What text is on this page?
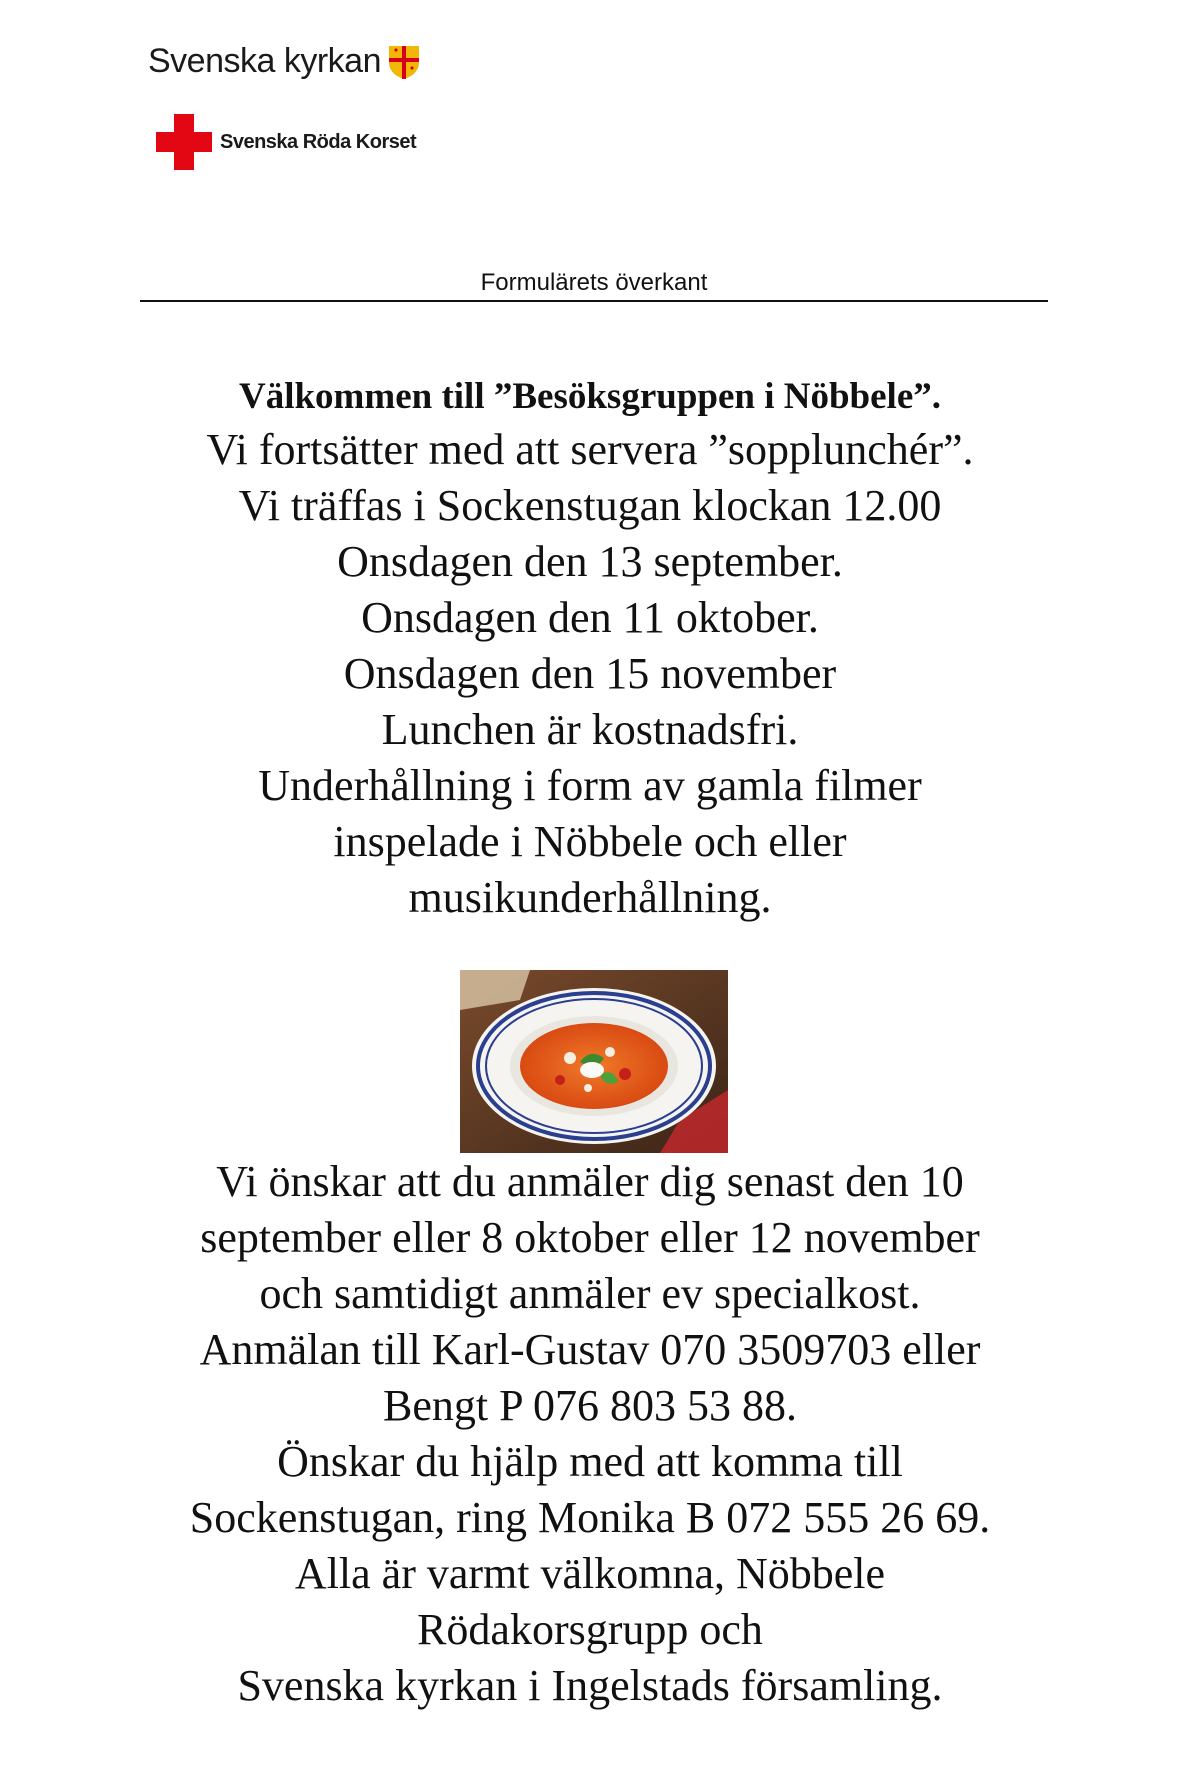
Svenska kyrkan
Svenska Röda Korset
Formulärets överkant
Välkommen till ”Besöksgruppen i Nöbbele”.
Vi fortsätter med att servera ”sopplunchér”.
Vi träffas i Sockenstugan klockan 12.00
Onsdagen den 13 september.
Onsdagen den 11 oktober.
Onsdagen den 15 november
Lunchen är kostnadsfri.
Underhållning i form av gamla filmer
inspelade i Nöbbele och eller
musikunderhållning.
Vi önskar att du anmäler dig senast den 10
september eller 8 oktober eller 12 november
och samtidigt anmäler ev specialkost.
Anmälan till Karl-Gustav 070 3509703 eller
Bengt P 076 803 53 88.
Önskar du hjälp med att komma till
Sockenstugan, ring Monika B 072 555 26 69.
Alla är varmt välkomna, Nöbbele
Rödakorsgrupp och
Svenska kyrkan i Ingelstads församling.
